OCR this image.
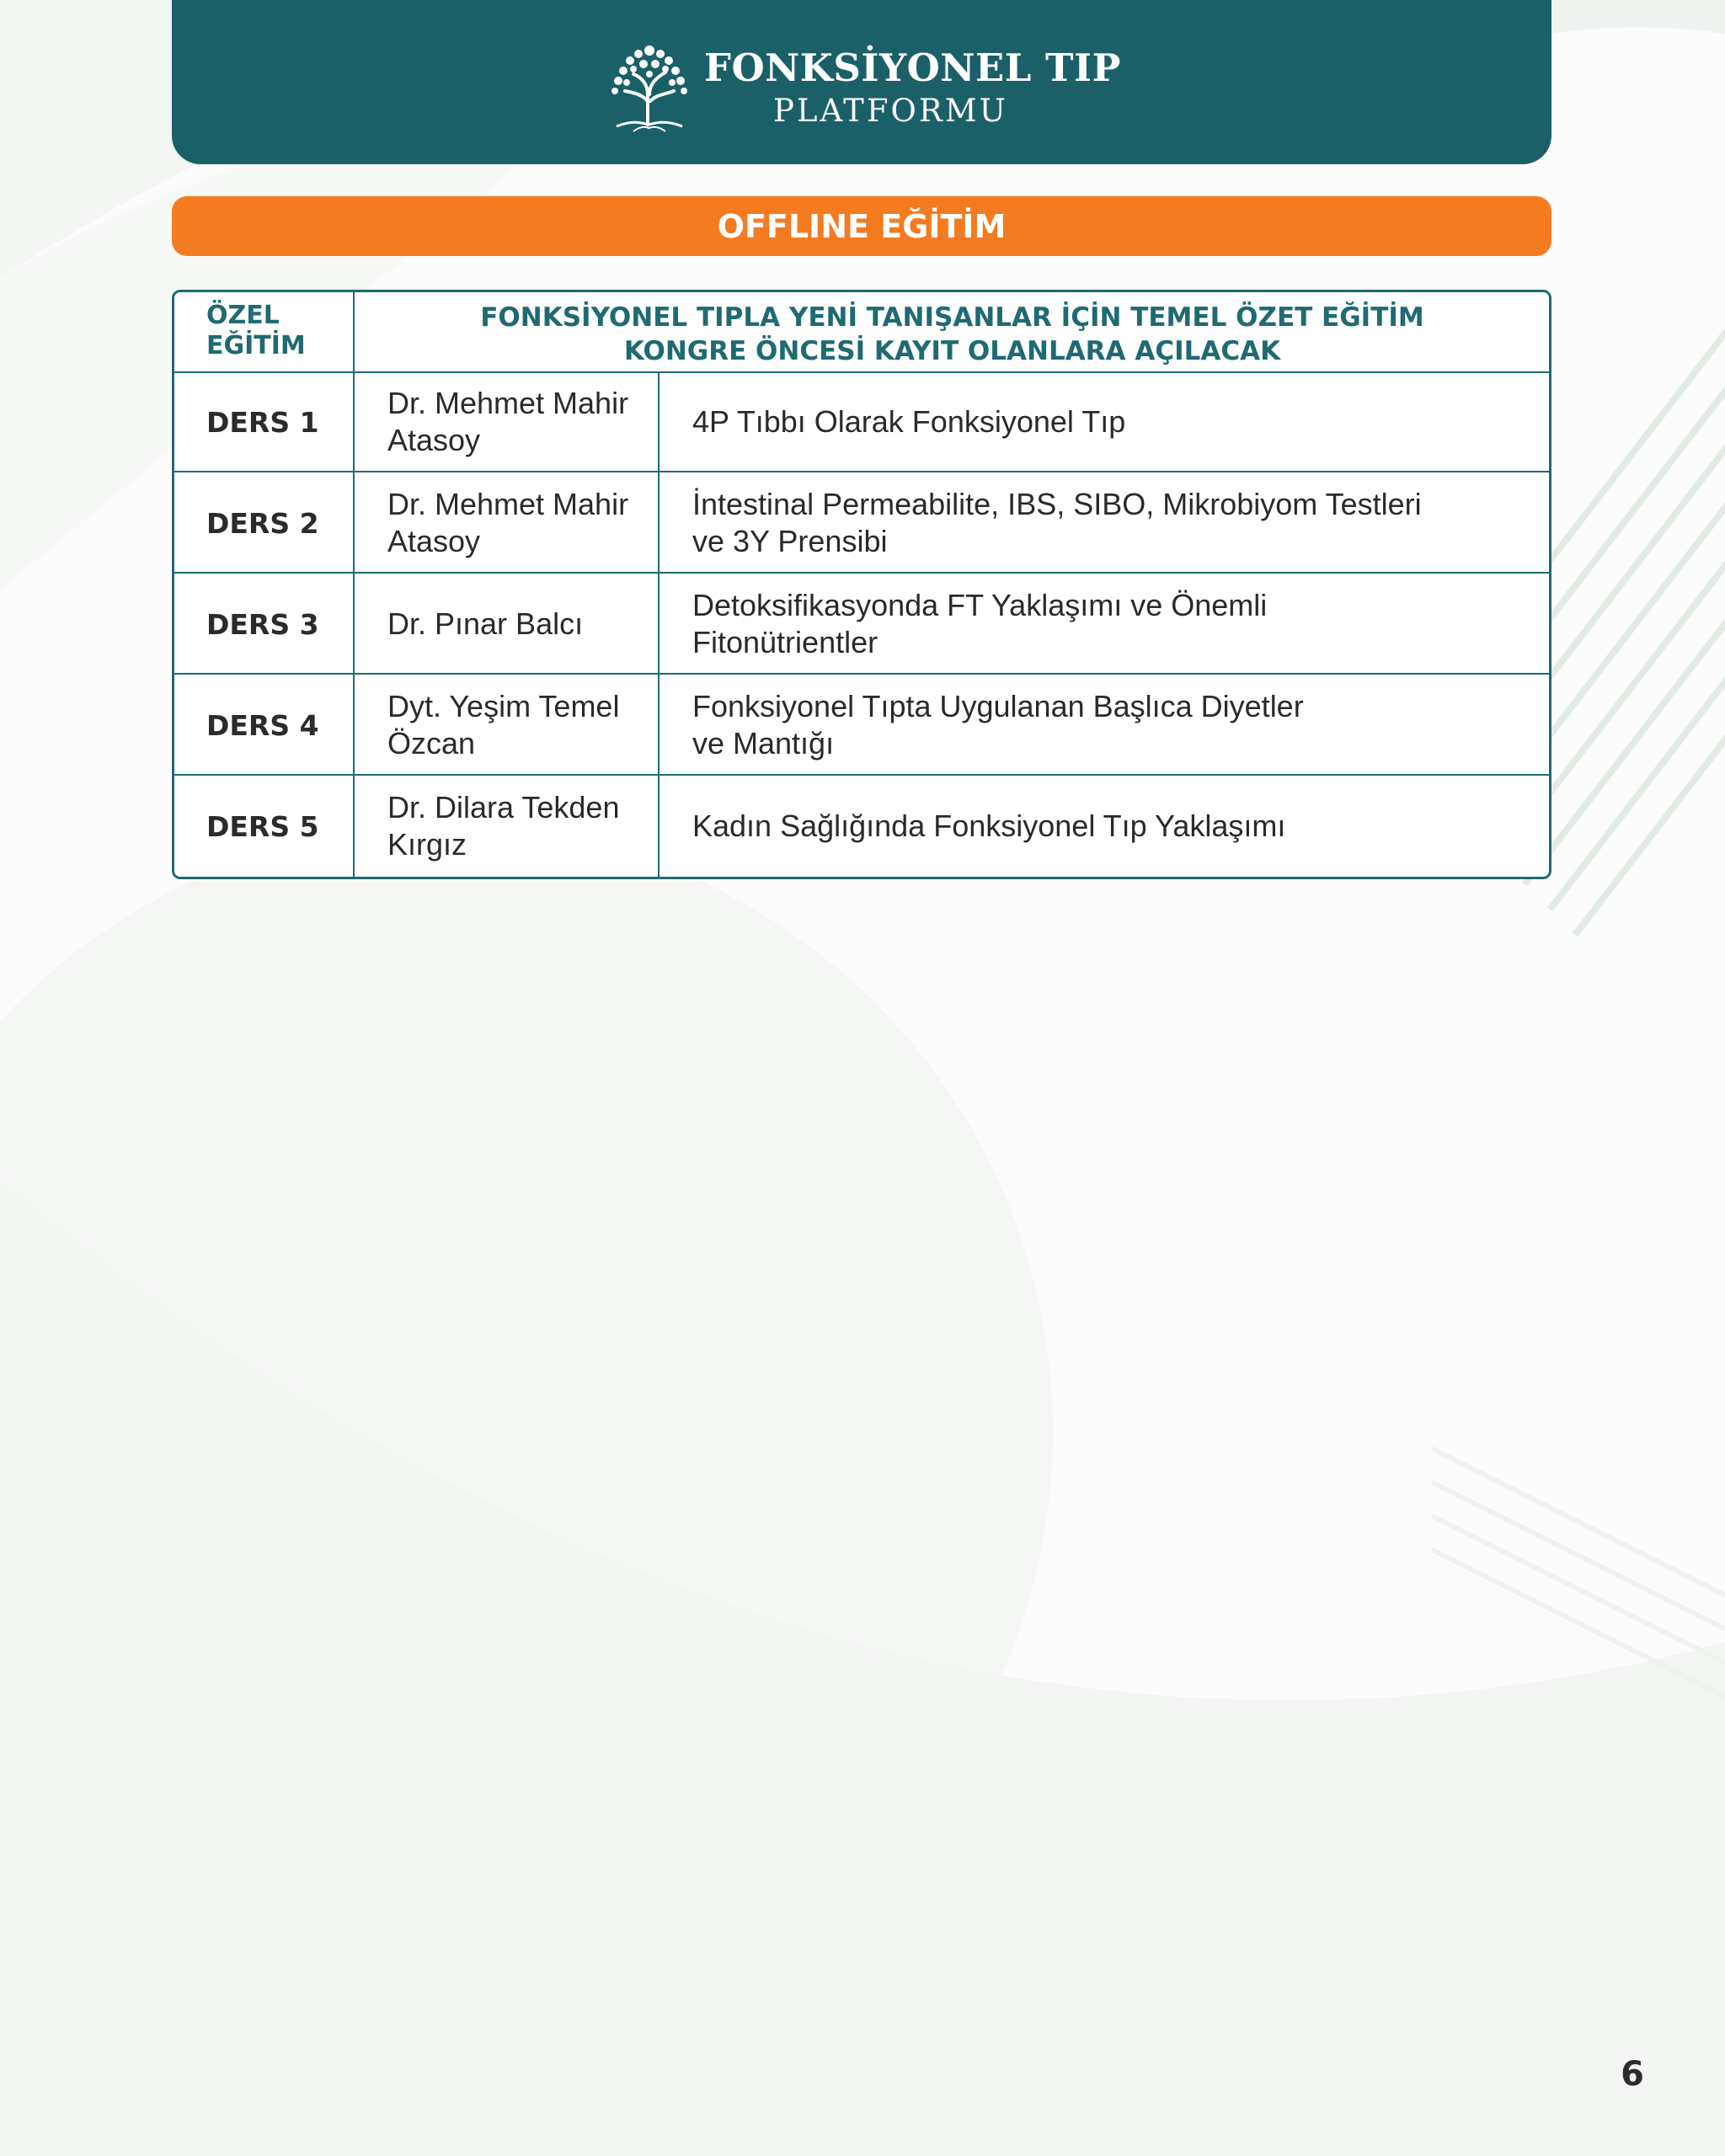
FONKSİYONEL TIP
PLATFORMU
OFFLINE EĞİTİM
ÖZEL
EĞİTİM
FONKSİYONEL TIPLA YENİ TANIŞANLAR İÇİN TEMEL ÖZET EĞİTİM
KONGRE ÖNCESİ KAYIT OLANLARA AÇILACAK
DERS 1
Dr. Mehmet Mahir
Atasoy
4P Tıbbı Olarak Fonksiyonel Tıp
DERS 2
Dr. Mehmet Mahir
Atasoy
İntestinal Permeabilite, IBS, SIBO, Mikrobiyom Testleri
ve 3Y Prensibi
DERS 3	Dr. Pınar Balcı
Detoksifikasyonda FT Yaklaşımı ve Önemli
Fitonütrientler
DERS 4
Dyt. Yeşim Temel
Özcan
Fonksiyonel Tıpta Uygulanan Başlıca Diyetler
ve Mantığı
DERS 5
Dr. Dilara Tekden
Kırgız
Kadın Sağlığında Fonksiyonel Tıp Yaklaşımı
6
